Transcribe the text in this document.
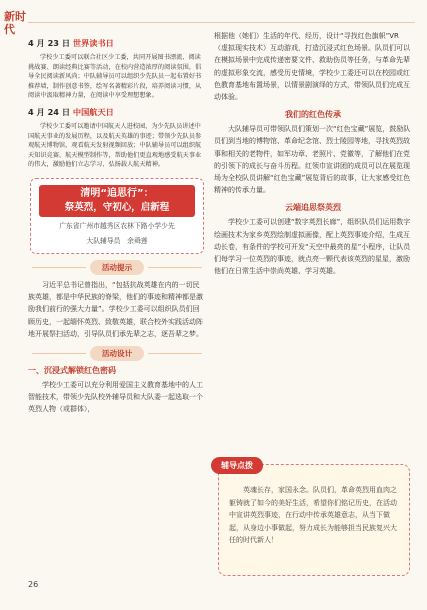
新时代
4 月 23 日 世界读书日

学校少工委可以联合社区少工委，共同开展图书漂流、阅读挑战赛、朗读经典比赛等活动，在校内营造浓厚的阅读氛围，倡导全民阅读新风尚；中队辅导员可以组织少先队员一起布置好书推荐墙，制作创意书签，绘写名著精彩片段，培养阅读习惯，从阅读中汲取精神力量，在阅读中享受理想想象。

4 月 24 日 中国航天日

学校少工委可以邀请中国航天人进校园，为少先队员讲述中国航天事业的发展历程，以及航天英雄的事迹；带领少先队员参观航天博物馆，观看航天发射视频回放；中队辅导员可以组织航天知识竞赛、航天模型制作等，帮助他们更直观地感受航天事业的伟大，激励他们立志学习、弘扬载人航天精神。

清明“追思行”：
祭英烈，守初心，启新程
广东省广州市越秀区农林下路小学少先
大队辅导员　余舜莲
活动提示

习近平总书记曾指出，“包括抗战英雄在内的一切民族英雄，都是中华民族的脊梁，他们的事迹和精神都是激励我们前行的强大力量”。学校少工委可以组织队员们回顾历史，一起缅怀英烈、致敬英雄，联合校外实践活动阵地开展祭扫活动，引导队员们承先辈之志，逐吾辈之梦。

活动设计
一、沉浸式解锁红色密码

学校少工委可以充分利用爱国主义教育基地中的人工智能技术，带领少先队校外辅导员和大队委一起选取一个英烈人物（或群体），

根据他（她们）生活的年代、经历，设计“寻找红色旗帜”VR（虚拟现实技术）互动游戏，打造沉浸式红色场景。队员们可以在模拟场景中完成传递密要文件、救助伤员等任务，与革命先辈的虚拟形象交流，感受历史情境，学校少工委还可以在校园或红色教育基地布置场景，以情景剧演绎的方式，带领队员们完成互动体验。

我们的红色传承

大队辅导员可带领队员们策划一次“红色宝藏”展览，鼓励队员们到当地的博物馆、革命纪念馆、烈士陵园等地，寻找英烈故事和相关的老物件，如军功章、老照片、党徽等，了解他们在党的引领下的成长与奋斗历程。红领巾宣讲团的成员可以在展览现场为全校队员讲解“红色宝藏”展览背后的故事，让大家感受红色精神的传承力量。

云端追思祭英烈

学校少工委可以创建“数字英烈长廊”，组织队员们运用数字绘画技术为家乡英烈绘制虚拟画像，配上英烈事迹介绍，生成互动长卷，有条件的学校可开发“天空中最亮的星”小程序，让队员们每学习一位英烈的事迹，就点亮一颗代表该英烈的星星，激励他们在日常生活中崇尚英雄、学习英雄。

辅导点拨

英魂长存，家国永念。队员们，革命英烈用血肉之躯铸就了如今的美好生活，希望你们铭记历史，在活动中宣讲英烈事迹，在行动中传承英雄意志，从当下做起，从身边小事做起，努力成长为能够担当民族复兴大任的时代新人！

26
